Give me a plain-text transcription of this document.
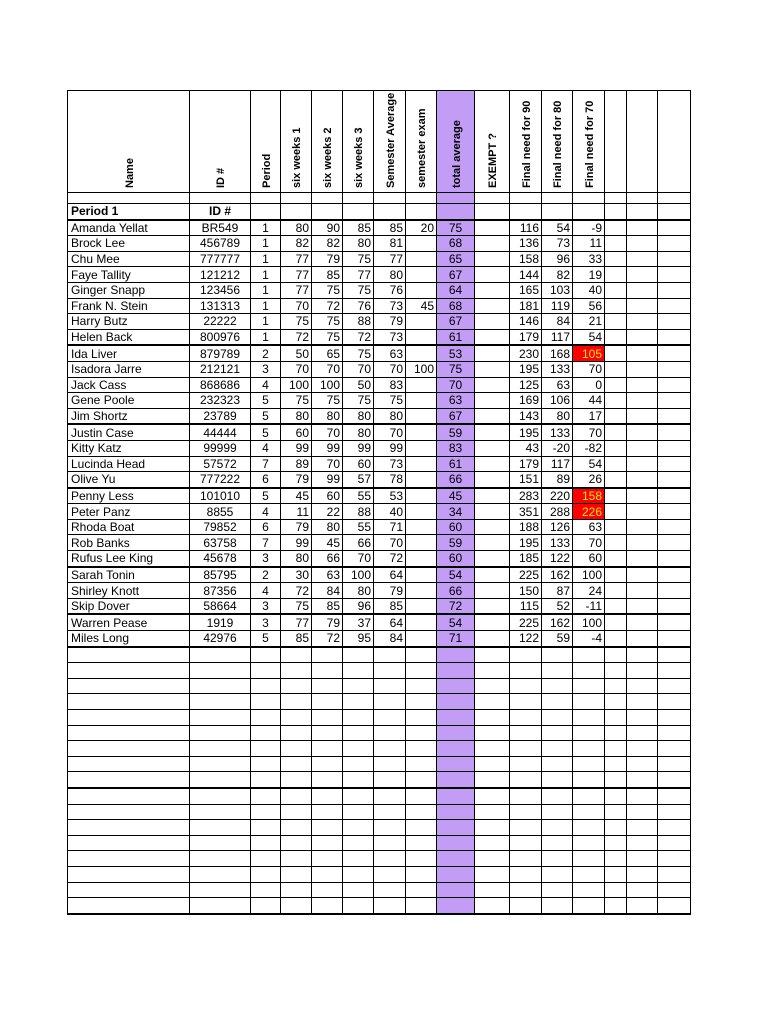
Name	ID #	Period	six weeks 1	six weeks 2	six weeks 3	Semester Average	semester exam	total average	EXEMPT ?	Final need for 90	Final need for 80	Final need for 70			

Period 1	ID #														
Amanda Yellat	BR549	1	80	90	85	85	20	75		116	54	-9			
Brock Lee	456789	1	82	82	80	81		68		136	73	11			
Chu Mee	777777	1	77	79	75	77		65		158	96	33			
Faye Tallity	121212	1	77	85	77	80		67		144	82	19			
Ginger Snapp	123456	1	77	75	75	76		64		165	103	40			
Frank N. Stein	131313	1	70	72	76	73	45	68		181	119	56			
Harry Butz	22222	1	75	75	88	79		67		146	84	21			
Helen Back	800976	1	72	75	72	73		61		179	117	54			
Ida Liver	879789	2	50	65	75	63		53		230	168	105			
Isadora Jarre	212121	3	70	70	70	70	100	75		195	133	70			
Jack Cass	868686	4	100	100	50	83		70		125	63	0			
Gene Poole	232323	5	75	75	75	75		63		169	106	44			
Jim Shortz	23789	5	80	80	80	80		67		143	80	17			
Justin Case	44444	5	60	70	80	70		59		195	133	70			
Kitty Katz	99999	4	99	99	99	99		83		43	-20	-82			
Lucinda Head	57572	7	89	70	60	73		61		179	117	54			
Olive Yu	777222	6	79	99	57	78		66		151	89	26			
Penny Less	101010	5	45	60	55	53		45		283	220	158			
Peter Panz	8855	4	11	22	88	40		34		351	288	226			
Rhoda Boat	79852	6	79	80	55	71		60		188	126	63			
Rob Banks	63758	7	99	45	66	70		59		195	133	70			
Rufus Lee King	45678	3	80	66	70	72		60		185	122	60			
Sarah Tonin	85795	2	30	63	100	64		54		225	162	100			
Shirley Knott	87356	4	72	84	80	79		66		150	87	24			
Skip Dover	58664	3	75	85	96	85		72		115	52	-11			
Warren Pease	1919	3	77	79	37	64		54		225	162	100			
Miles Long	42976	5	85	72	95	84		71		122	59	-4			
